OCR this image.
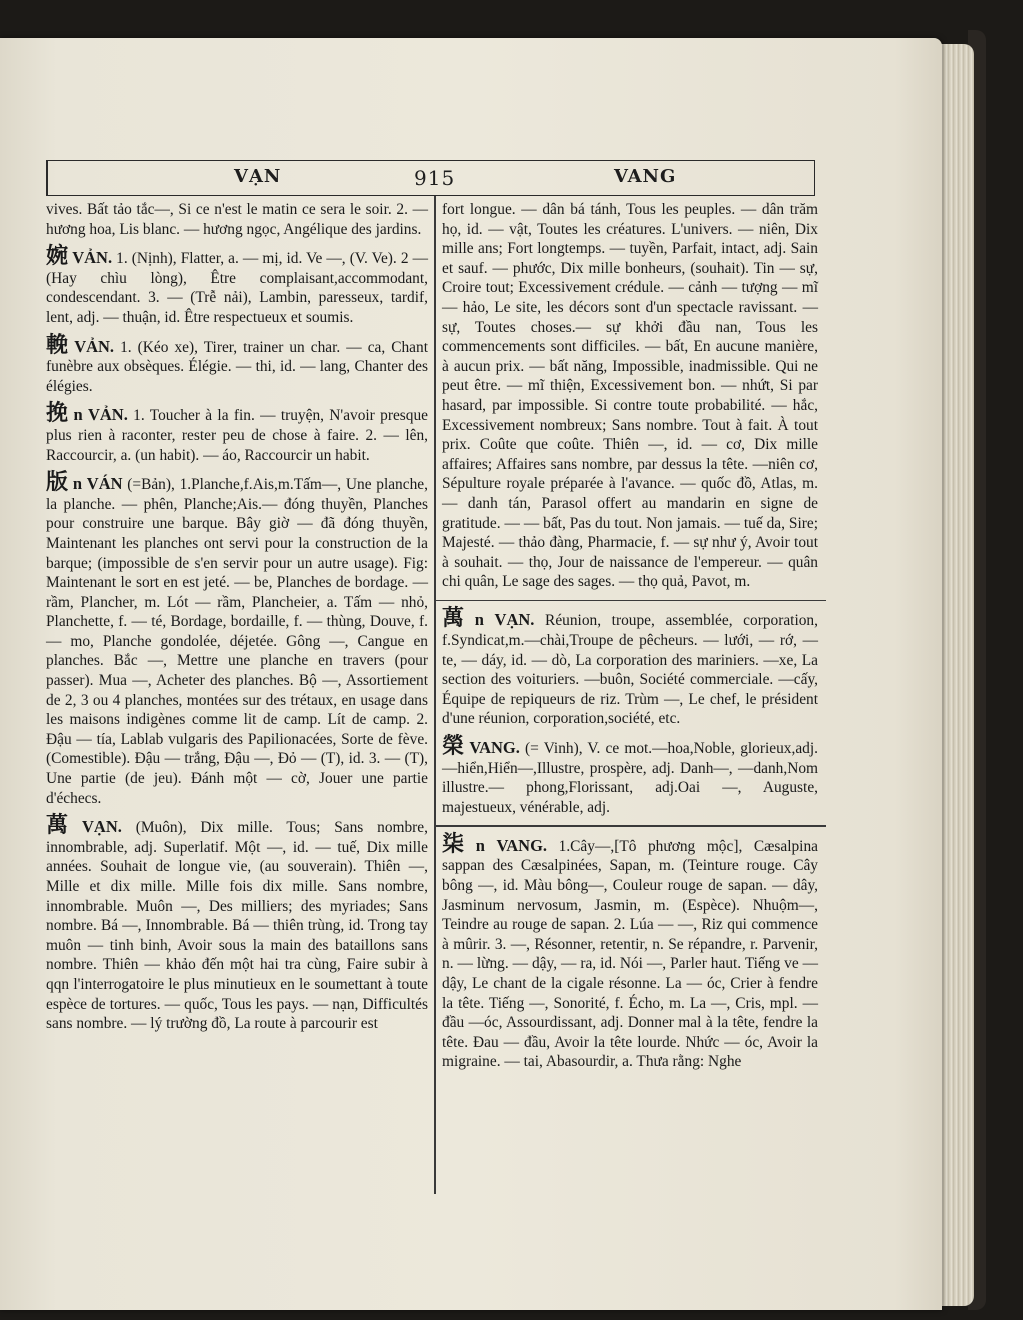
VẠN	915	VANG

vives. Bất tảo tắc—, Si ce n'est le matin ce sera le soir. 2. —hương hoa, Lis blanc. — hương ngọc, Angélique des jardins.

婉 VẢN. 1. (Nịnh), Flatter, a. — mị, id. Ve —, (V. Ve). 2 — (Hay chìu lòng), Être complaisant,accommodant, condescendant. 3. — (Trễ nải), Lambin, paresseux, tardif, lent, adj. — thuận, id. Être respectueux et soumis.

輓 VẢN. 1. (Kéo xe), Tirer, trainer un char. — ca, Chant funèbre aux obsèques. Élégie. — thi, id. — lang, Chanter des élégies.

挽 n VẢN. 1. Toucher à la fin. — truyện, N'avoir presque plus rien à raconter, rester peu de chose à faire. 2. — lên, Raccourcir, a. (un habit). — áo, Raccourcir un habit.

版 n VÁN (=Bản), 1.Planche,f.Ais,m.Tấm—, Une planche, la planche. — phên, Planche;Ais.— đóng thuyền, Planches pour construire une barque. Bây giờ — đã đóng thuyền, Maintenant les planches ont servi pour la construction de la barque; (impossible de s'en servir pour un autre usage). Fig: Maintenant le sort en est jeté. — be, Planches de bordage. — rầm, Plancher, m. Lót — rầm, Plancheier, a. Tấm — nhỏ, Planchette, f. — té, Bordage, bordaille, f. — thùng, Douve, f. — mo, Planche gondolée, déjetée. Gông —, Cangue en planches. Bắc —, Mettre une planche en travers (pour passer). Mua —, Acheter des planches. Bộ —, Assortiement de 2, 3 ou 4 planches, montées sur des trétaux, en usage dans les maisons indigènes comme lit de camp. Lít de camp. 2. Đậu — tía, Lablab vulgaris des Papilionacées, Sorte de fève. (Comestible). Đậu — trắng, Đậu —, Đỏ — (T), id. 3. — (T), Une partie (de jeu). Đánh một — cờ, Jouer une partie d'échecs.

萬 VẠN. (Muôn), Dix mille. Tous; Sans nombre, innombrable, adj. Superlatif. Một —, id. — tuế, Dix mille années. Souhait de longue vie, (au souverain). Thiên —, Mille et dix mille. Mille fois dix mille. Sans nombre, innombrable. Muôn —, Des milliers; des myriades; Sans nombre. Bá —, Innombrable. Bá — thiên trùng, id. Trong tay muôn — tinh binh, Avoir sous la main des bataillons sans nombre. Thiên — khảo đến một hai tra cùng, Faire subir à qqn l'interrogatoire le plus minutieux en le soumettant à toute espèce de tortures. — quốc, Tous les pays. — nạn, Difficultés sans nombre. — lý trường đồ, La route à parcourir est

fort longue. — dân bá tánh, Tous les peuples. — dân trăm họ, id. — vật, Toutes les créatures. L'univers. — niên, Dix mille ans; Fort longtemps. — tuyền, Parfait, intact, adj. Sain et sauf. — phước, Dix mille bonheurs, (souhait). Tin — sự, Croire tout; Excessivement crédule. — cảnh — tượng — mĩ — hảo, Le site, les décors sont d'un spectacle ravissant. —sự, Toutes choses.— sự khởi đầu nan, Tous les commencements sont difficiles. — bất, En aucune manière, à aucun prix. — bất năng, Impossible, inadmissible. Qui ne peut être. — mĩ thiện, Excessivement bon. — nhứt, Si par hasard, par impossible. Si contre toute probabilité. — hắc, Excessivement nombreux; Sans nombre. Tout à fait. À tout prix. Coûte que coûte. Thiên —, id. — cơ, Dix mille affaires; Affaires sans nombre, par dessus la tête. —niên cơ, Sépulture royale préparée à l'avance. — quốc đồ, Atlas, m. — danh tán, Parasol offert au mandarin en signe de gratitude. — — bất, Pas du tout. Non jamais. — tuế da, Sire; Majesté. — thảo đàng, Pharmacie, f. — sự như ý, Avoir tout à souhait. — thọ, Jour de naissance de l'empereur. — quân chi quân, Le sage des sages. — thọ quả, Pavot, m.

萬 n VẠN. Réunion, troupe, assemblée, corporation, f.Syndicat,m.—chài,Troupe de pêcheurs. — lưới, — rớ, — te, — dáy, id. — dò, La corporation des mariniers. —xe, La section des voituriers. —buôn, Société commerciale. —cấy, Équipe de repiqueurs de riz. Trùm —, Le chef, le président d'une réunion, corporation,société, etc.

榮 VANG. (= Vinh), V. ce mot.—hoa,Noble, glorieux,adj.—hiển,Hiển—,Illustre, prospère, adj. Danh—, —danh,Nom illustre.— phong,Florissant, adj.Oai —, Auguste, majestueux, vénérable, adj.

柒 n VANG. 1.Cây—,[Tô phương mộc], Cæsalpina sappan des Cæsalpinées, Sapan, m. (Teinture rouge. Cây bông —, id. Màu bông—, Couleur rouge de sapan. — dây, Jasminum nervosum, Jasmin, m. (Espèce). Nhuộm—, Teindre au rouge de sapan. 2. Lúa — —, Riz qui commence à mûrir. 3. —, Résonner, retentir, n. Se répandre, r. Parvenir, n. — lừng. — dậy, — ra, id. Nói —, Parler haut. Tiếng ve — dậy, Le chant de la cigale résonne. La — óc, Crier à fendre la tête. Tiếng —, Sonorité, f. Écho, m. La —, Cris, mpl. —đầu —óc, Assourdissant, adj. Donner mal à la tête, fendre la tête. Đau — đầu, Avoir la tête lourde. Nhức — óc, Avoir la migraine. — tai, Abasourdir, a. Thưa rằng: Nghe
